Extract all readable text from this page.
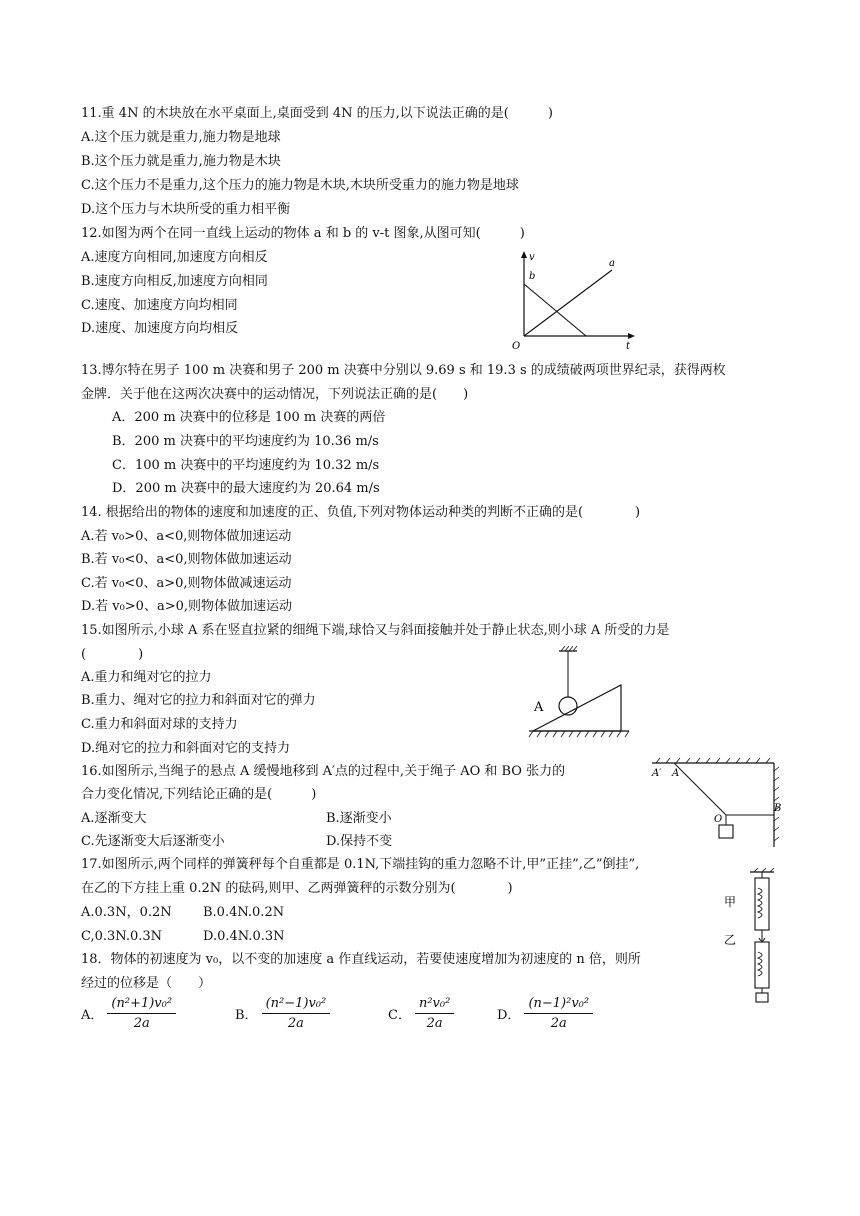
11.重 4N 的木块放在水平桌面上,桌面受到 4N 的压力,以下说法正确的是(　　　)
A.这个压力就是重力,施力物是地球
B.这个压力就是重力,施力物是木块
C.这个压力不是重力,这个压力的施力物是木块,木块所受重力的施力物是地球
D.这个压力与木块所受的重力相平衡
12.如图为两个在同一直线上运动的物体 a 和 b 的 v-t 图象,从图可知(　　　)
A.速度方向相同,加速度方向相反
B.速度方向相反,加速度方向相同
C.速度、加速度方向均相同
D.速度、加速度方向均相反
v
t
O
a
b
13.博尔特在男子 100 m 决赛和男子 200 m 决赛中分别以 9.69 s 和 19.3 s 的成绩破两项世界纪录，获得两枚
金牌．关于他在这两次决赛中的运动情况，下列说法正确的是(　　)
A．200 m 决赛中的位移是 100 m 决赛的两倍
B．200 m 决赛中的平均速度约为 10.36 m/s
C．100 m 决赛中的平均速度约为 10.32 m/s
D．200 m 决赛中的最大速度约为 20.64 m/s
14. 根据给出的物体的速度和加速度的正、负值,下列对物体运动种类的判断不正确的是(　　　　)
A.若 v₀>0、a<0,则物体做加速运动
B.若 v₀<0、a<0,则物体做加速运动
C.若 v₀<0、a>0,则物体做减速运动
D.若 v₀>0、a>0,则物体做加速运动
15.如图所示,小球 A 系在竖直拉紧的细绳下端,球恰又与斜面接触并处于静止状态,则小球 A 所受的力是
(　　　　)
A.重力和绳对它的拉力
B.重力、绳对它的拉力和斜面对它的弹力
C.重力和斜面对球的支持力
D.绳对它的拉力和斜面对它的支持力
A
16.如图所示,当绳子的悬点 A 缓慢地移到 A′点的过程中,关于绳子 AO 和 BO 张力的
合力变化情况,下列结论正确的是(　　　)
A.逐渐变大	B.逐渐变小
C.先逐渐变大后逐渐变小	D.保持不变
A′ A
O
B
17.如图所示,两个同样的弹簧秤每个自重都是 0.1N,下端挂钩的重力忽略不计,甲”正挂”,乙”倒挂”,
在乙的下方挂上重 0.2N 的砝码,则甲、乙两弹簧秤的示数分别为(　　　　)
A.0.3N，0.2N B.0.4N.0.2N
C,0.3N.0.3N	D.0.4N.0.3N
甲
乙
18．物体的初速度为 v₀，以不变的加速度 a 作直线运动，若要使速度增加为初速度的 n 倍，则所
经过的位移是（　　）
A． $\frac{\text{(n²+1)v₀²}}{2a}$	B． $\frac{\text{(n²−1)v₀²}}{2a}$	C． $\frac{\text{n²v₀²}}{2a}$	D． $\frac{\text{(n−1)²v₀²}}{2a}$
